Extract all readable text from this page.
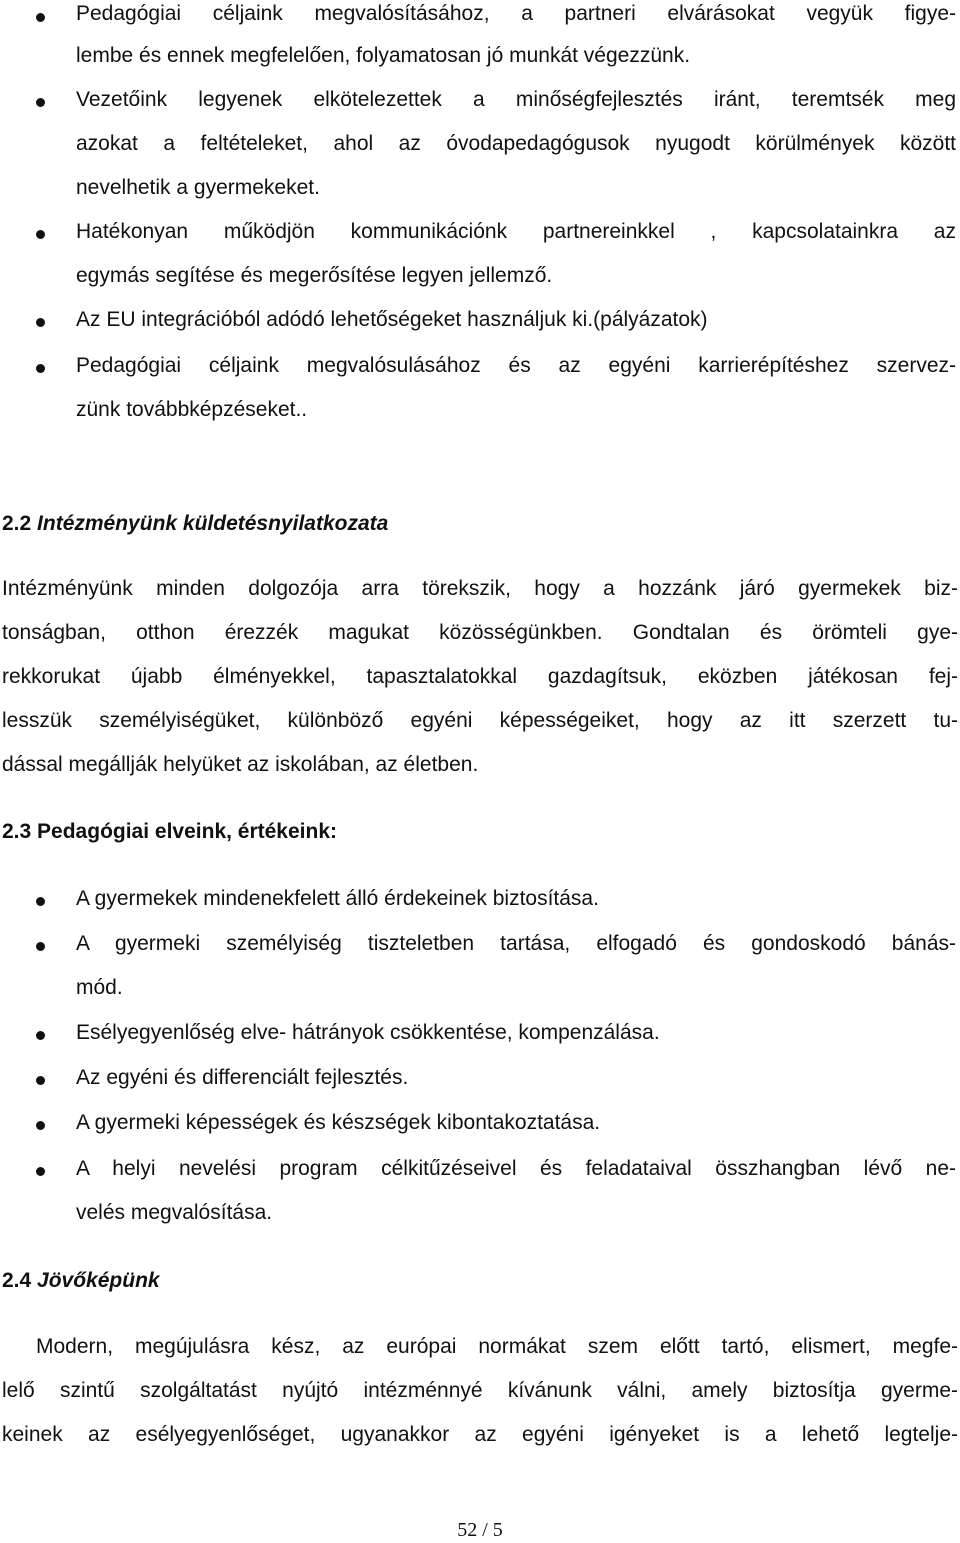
Pedagógiai céljaink megvalósításához, a partneri elvárásokat vegyük figye-
lembe és ennek megfelelően, folyamatosan jó munkát végezzünk.
Vezetőink legyenek elkötelezettek a minőségfejlesztés iránt, teremtsék meg
azokat a feltételeket, ahol az óvodapedagógusok nyugodt körülmények között
nevelhetik a gyermekeket.
Hatékonyan működjön kommunikációnk partnereinkkel , kapcsolatainkra az
egymás segítése és megerősítése legyen jellemző.
Az EU integrációból adódó lehetőségeket használjuk ki.(pályázatok)
Pedagógiai céljaink megvalósulásához és az egyéni karrierépítéshez szervez-
zünk továbbképzéseket..
2.2 Intézményünk küldetésnyilatkozata
Intézményünk minden dolgozója arra törekszik, hogy a hozzánk járó gyermekek biz-
tonságban, otthon érezzék magukat közösségünkben. Gondtalan és örömteli gye-
rekkorukat újabb élményekkel, tapasztalatokkal gazdagítsuk, eközben játékosan fej-
lesszük személyiségüket, különböző egyéni képességeiket, hogy az itt szerzett tu-
dással megállják helyüket az iskolában, az életben.
2.3 Pedagógiai elveink, értékeink:
A gyermekek mindenekfelett álló érdekeinek biztosítása.
A gyermeki személyiség tiszteletben tartása, elfogadó és gondoskodó bánás-
mód.
Esélyegyenlőség elve- hátrányok csökkentése, kompenzálása.
Az egyéni és differenciált fejlesztés.
A gyermeki képességek és készségek kibontakoztatása.
A helyi nevelési program célkitűzéseivel és feladataival összhangban lévő ne-
velés megvalósítása.
2.4 Jövőképünk
Modern, megújulásra kész, az európai normákat szem előtt tartó, elismert, megfe-
lelő szintű szolgáltatást nyújtó intézménnyé kívánunk válni, amely biztosítja gyerme-
keinek az esélyegyenlőséget, ugyanakkor az egyéni igényeket is a lehető legtelje-
52 / 5
